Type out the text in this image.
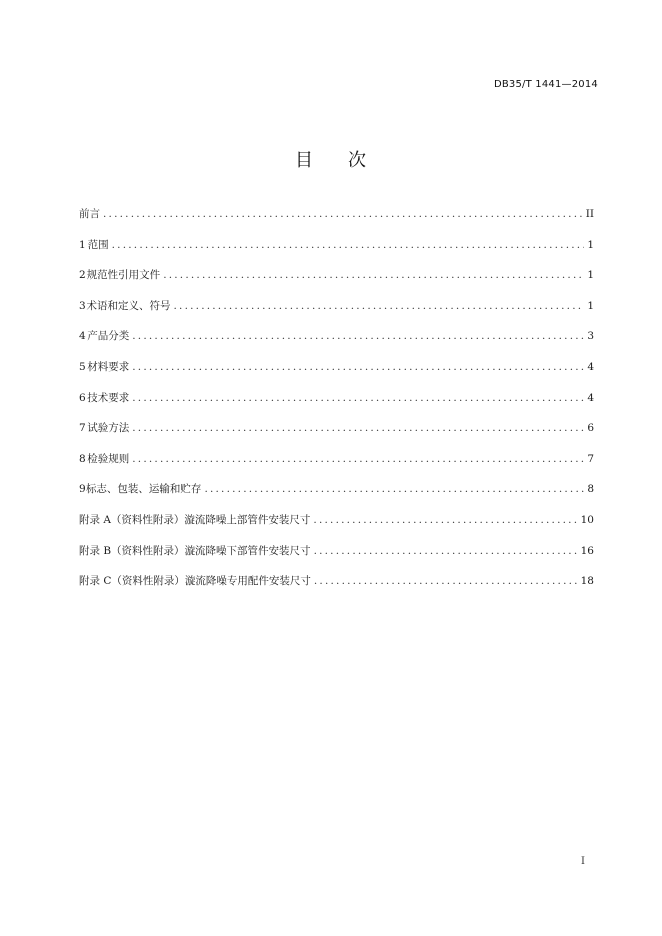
DB35/T 1441—2014
目 次
前言 .....	II
1 范围 .....	1
2 规范性引用文件 .....	1
3 术语和定义、符号 .....	1
4 产品分类 .....	3
5 材料要求 .....	4
6 技术要求 .....	4
7 试验方法 .....	6
8 检验规则 .....	7
9 标志、包装、运输和贮存 .....	8
附录 A（资料性附录） 漩流降噪上部管件安装尺寸 .....	10
附录 B（资料性附录） 漩流降噪下部管件安装尺寸 .....	16
附录 C（资料性附录） 漩流降噪专用配件安装尺寸 .....	18
I
